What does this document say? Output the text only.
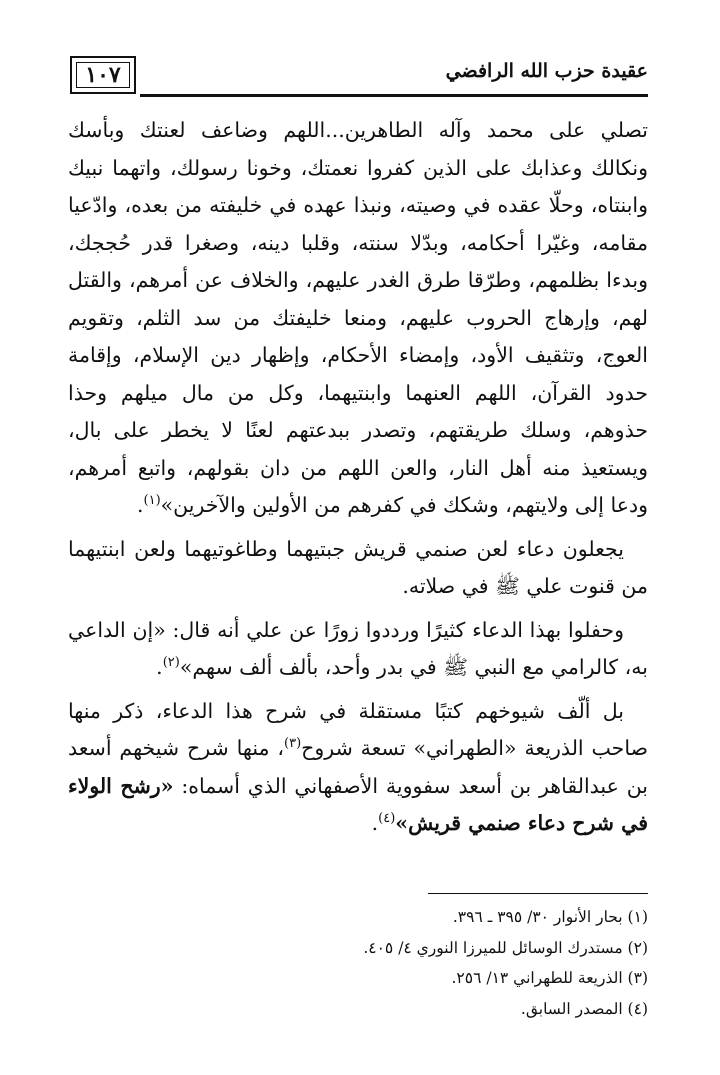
١٠٧	عقيدة حزب الله الرافضي

تصلي على محمد وآله الطاهرين...اللهم وضاعف لعنتك وبأسك ونكالك وعذابك على الذين كفروا نعمتك، وخونا رسولك، واتهما نبيك وابنتاه، وحلّا عقده في وصيته، ونبذا عهده في خليفته من بعده، وادّعيا مقامه، وغيّرا أحكامه، وبدّلا سنته، وقلبا دينه، وصغرا قدر حُججك، وبدءا بظلمهم، وطرّقا طرق الغدر عليهم، والخلاف عن أمرهم، والقتل لهم، وإرهاج الحروب عليهم، ومنعا خليفتك من سد الثلم، وتقويم العوج، وتثقيف الأود، وإمضاء الأحكام، وإظهار دين الإسلام، وإقامة حدود القرآن، اللهم العنهما وابنتيهما، وكل من مال ميلهم وحذا حذوهم، وسلك طريقتهم، وتصدر ببدعتهم لعنًا لا يخطر على بال، ويستعيذ منه أهل النار، والعن اللهم من دان بقولهم، واتبع أمرهم، ودعا إلى ولايتهم، وشكك في كفرهم من الأولين والآخرين»$^{(١)}$.

يجعلون دعاء لعن صنمي قريش جبتيهما وطاغوتيهما ولعن ابنتيهما من قنوت علي ﷺ في صلاته.

وحفلوا بهذا الدعاء كثيرًا ورددوا زورًا عن علي أنه قال: «إن الداعي به، كالرامي مع النبي ﷺ في بدر وأحد، بألف ألف سهم»$^{(٢)}$.

بل ألّف شيوخهم كتبًا مستقلة في شرح هذا الدعاء، ذكر منها صاحب الذريعة «الطهراني» تسعة شروح$^{(٣)}$، منها شرح شيخهم أسعد بن عبدالقاهر بن أسعد سفووية الأصفهاني الذي أسماه: «رشح الولاء في شرح دعاء صنمي قريش»$^{(٤)}$.

(١) بحار الأنوار ٣٠/ ٣٩٥ ـ ٣٩٦.
(٢) مستدرك الوسائل للميرزا النوري ٤/ ٤٠٥.
(٣) الذريعة للطهراني ١٣/ ٢٥٦.
(٤) المصدر السابق.
